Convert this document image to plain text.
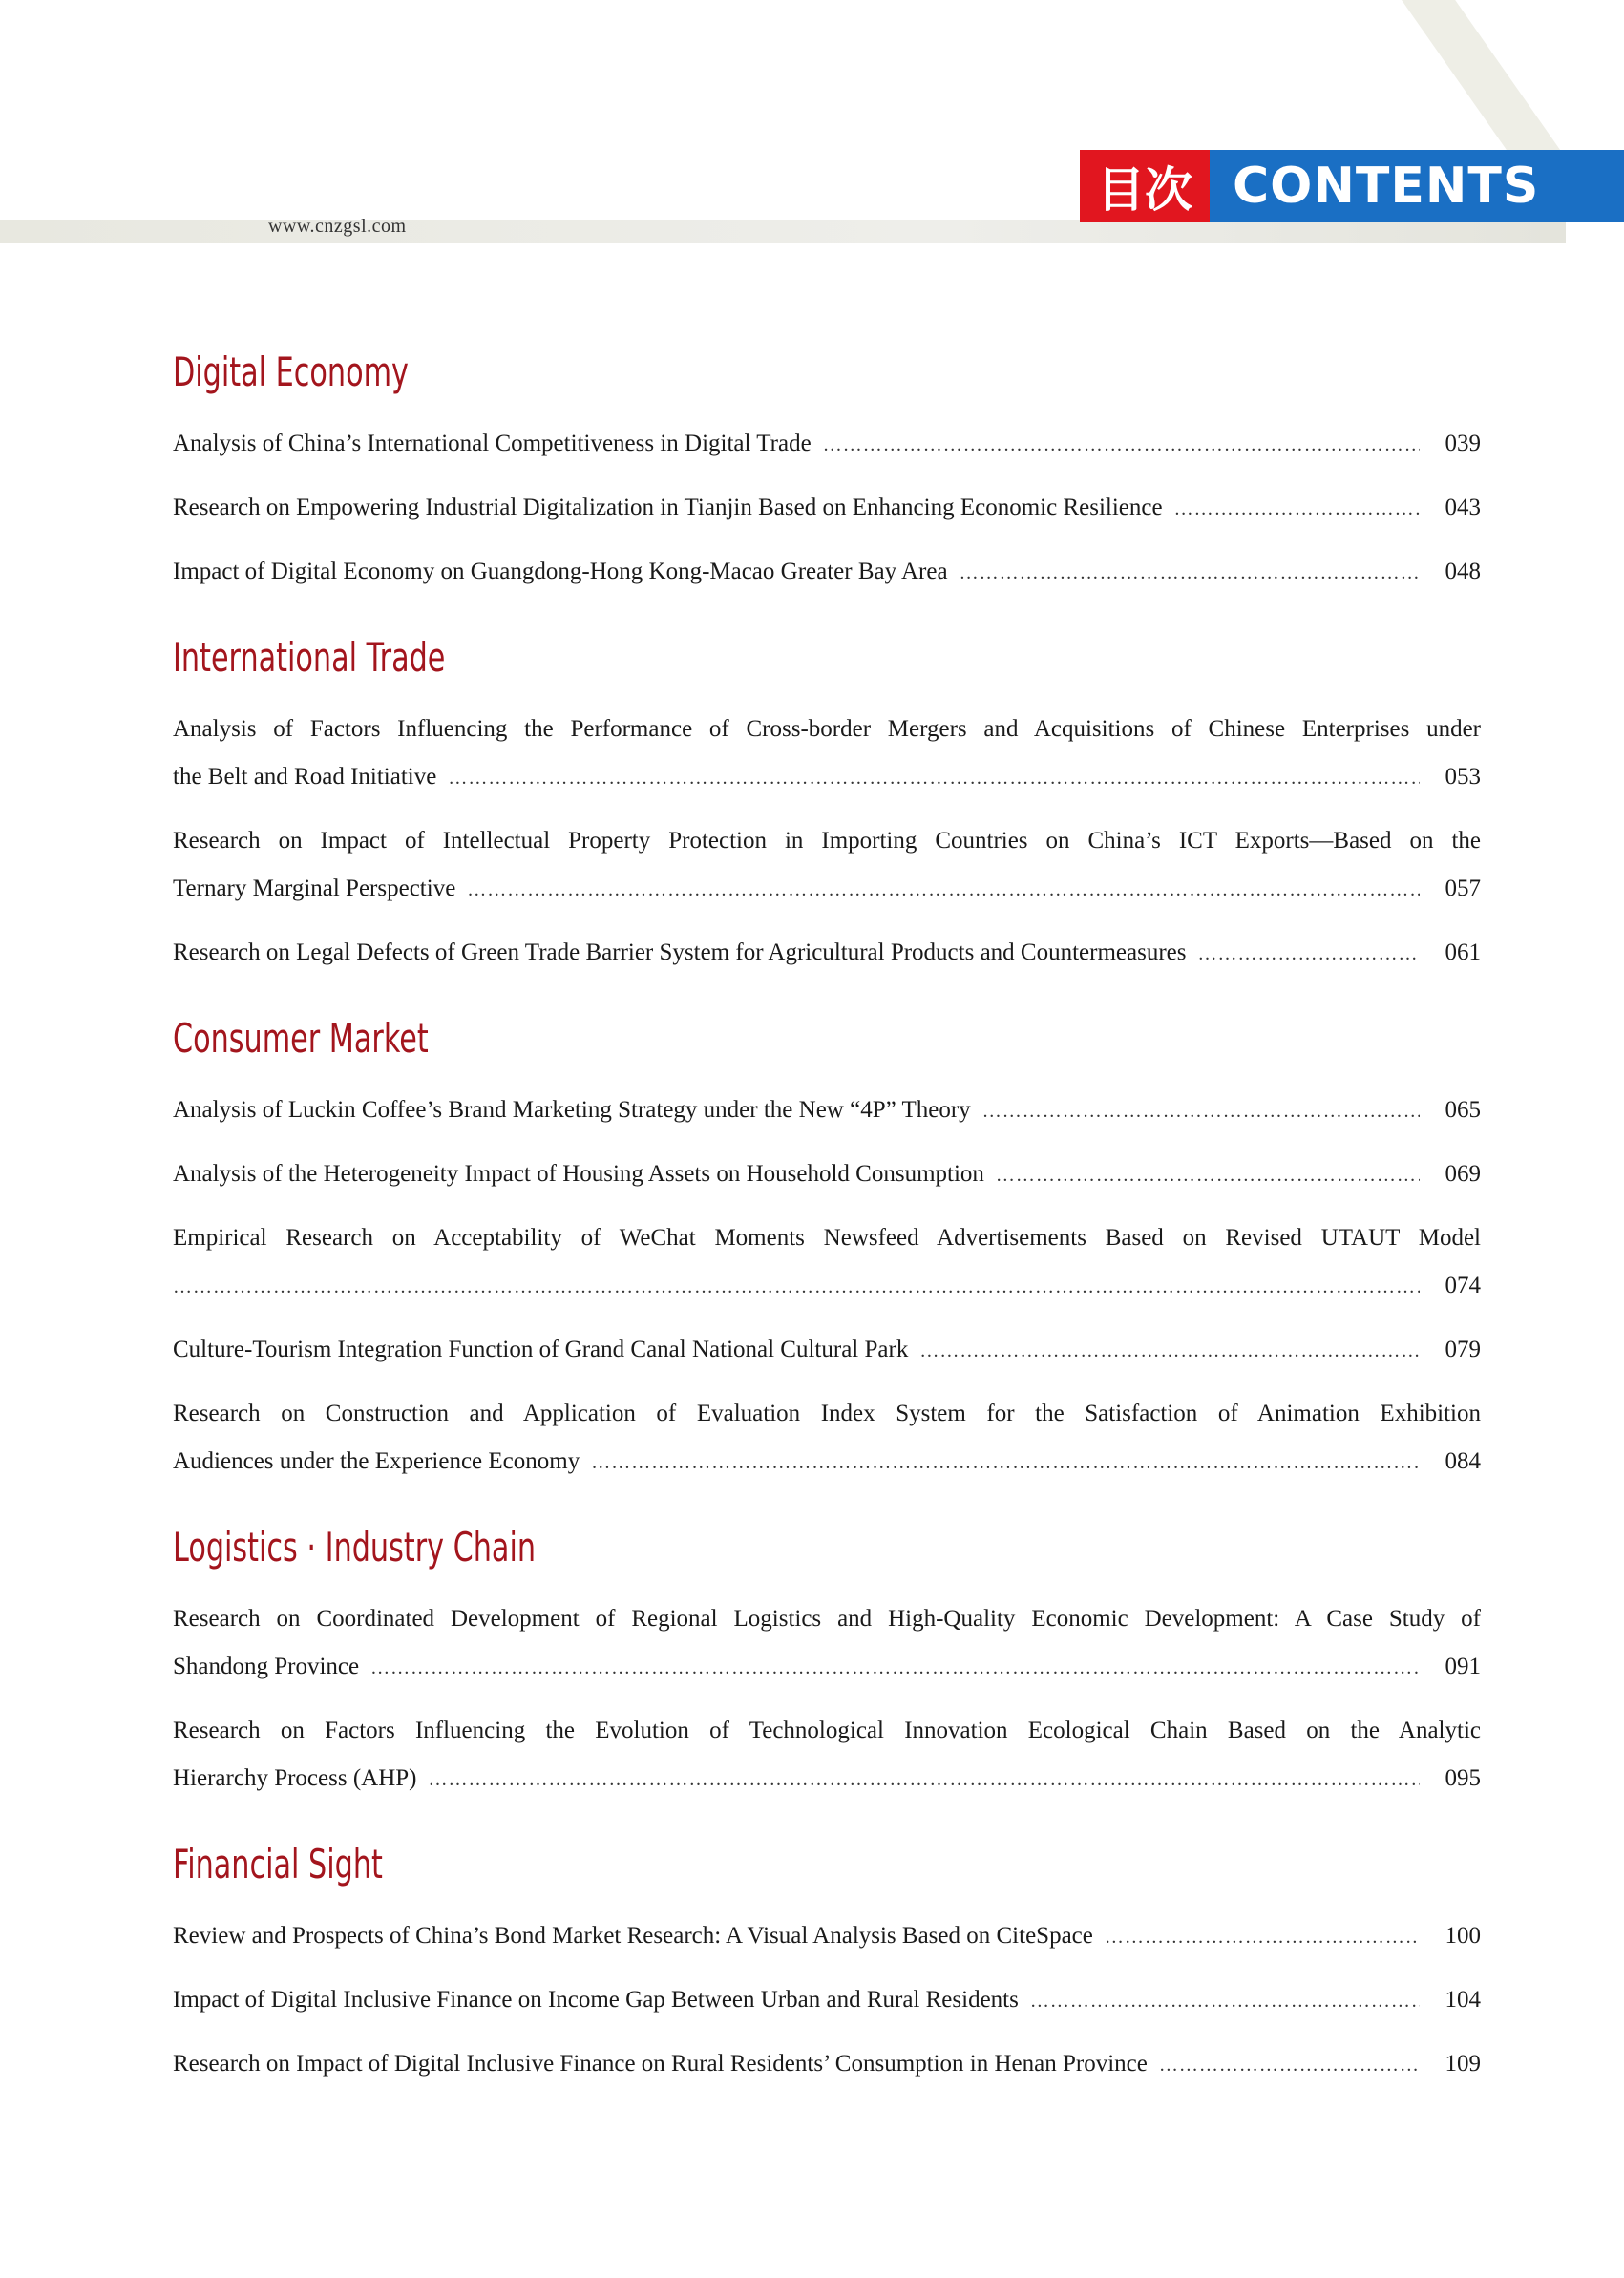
www.cnzgsl.com
目次 CONTENTS
Digital Economy
Analysis of China’s International Competitiveness in Digital Trade …………………………………………………………………………………………………………………………………………………………………………………………	039
Research on Empowering Industrial Digitalization in Tianjin Based on Enhancing Economic Resilience …………………………………………………………………………………………………………………………………………………………………………………………	043
Impact of Digital Economy on Guangdong-Hong Kong-Macao Greater Bay Area …………………………………………………………………………………………………………………………………………………………………………………………	048
International Trade
Analysis of Factors Influencing the Performance of Cross-border Mergers and Acquisitions of Chinese Enterprises under
the Belt and Road Initiative …………………………………………………………………………………………………………………………………………………………………………………………	053
Research on Impact of Intellectual Property Protection in Importing Countries on China’s ICT Exports—Based on the
Ternary Marginal Perspective …………………………………………………………………………………………………………………………………………………………………………………………	057
Research on Legal Defects of Green Trade Barrier System for Agricultural Products and Countermeasures …………………………………………………………………………………………………………………………………………………………………………………………	061
Consumer Market
Analysis of Luckin Coffee’s Brand Marketing Strategy under the New “4P” Theory …………………………………………………………………………………………………………………………………………………………………………………………	065
Analysis of the Heterogeneity Impact of Housing Assets on Household Consumption …………………………………………………………………………………………………………………………………………………………………………………………	069
Empirical Research on Acceptability of WeChat Moments Newsfeed Advertisements Based on Revised UTAUT Model
…………………………………………………………………………………………………………………………………………………………………………………………
074
Culture-Tourism Integration Function of Grand Canal National Cultural Park …………………………………………………………………………………………………………………………………………………………………………………………	079
Research on Construction and Application of Evaluation Index System for the Satisfaction of Animation Exhibition
Audiences under the Experience Economy …………………………………………………………………………………………………………………………………………………………………………………………	084
Logistics · Industry Chain
Research on Coordinated Development of Regional Logistics and High-Quality Economic Development: A Case Study of
Shandong Province …………………………………………………………………………………………………………………………………………………………………………………………	091
Research on Factors Influencing the Evolution of Technological Innovation Ecological Chain Based on the Analytic
Hierarchy Process (AHP) …………………………………………………………………………………………………………………………………………………………………………………………	095
Financial Sight
Review and Prospects of China’s Bond Market Research: A Visual Analysis Based on CiteSpace …………………………………………………………………………………………………………………………………………………………………………………………	100
Impact of Digital Inclusive Finance on Income Gap Between Urban and Rural Residents …………………………………………………………………………………………………………………………………………………………………………………………	104
Research on Impact of Digital Inclusive Finance on Rural Residents’ Consumption in Henan Province …………………………………………………………………………………………………………………………………………………………………………………………	109
